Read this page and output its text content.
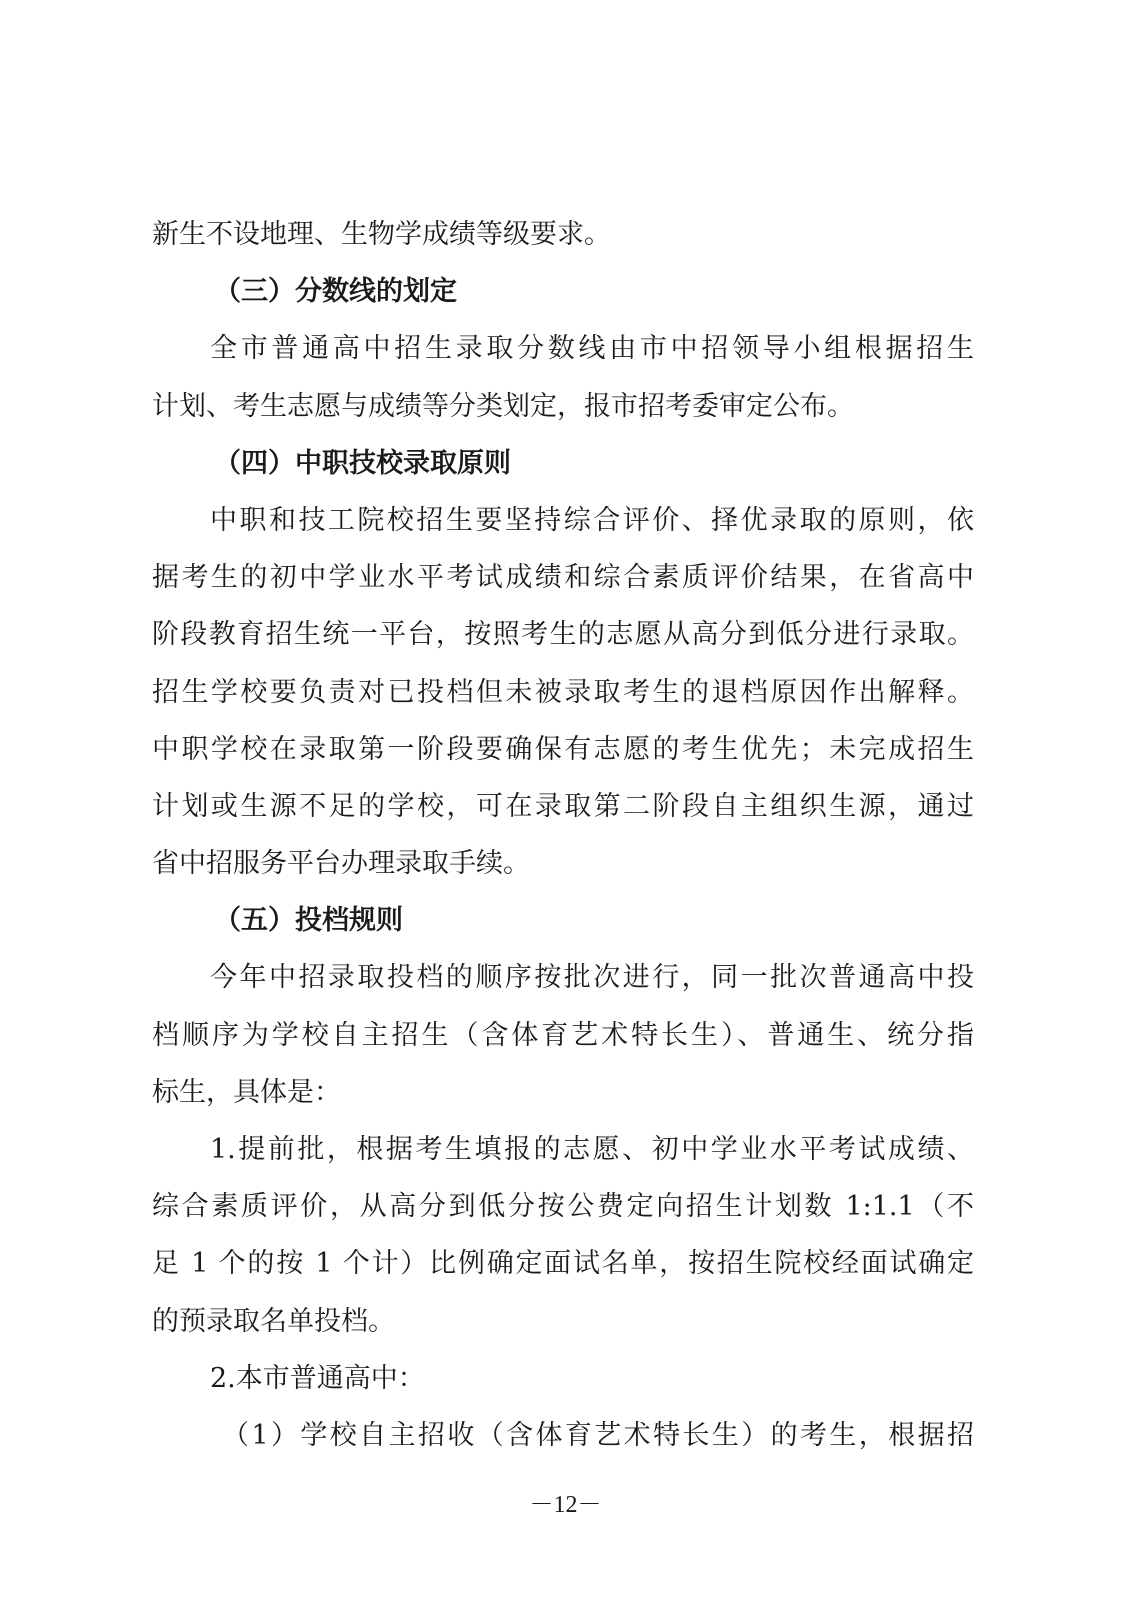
新生不设地理、生物学成绩等级要求。
（三）分数线的划定
全市普通高中招生录取分数线由市中招领导小组根据招生
计划、考生志愿与成绩等分类划定，报市招考委审定公布。
（四）中职技校录取原则
中职和技工院校招生要坚持综合评价、择优录取的原则，依
据考生的初中学业水平考试成绩和综合素质评价结果，在省高中
阶段教育招生统一平台，按照考生的志愿从高分到低分进行录取。
招生学校要负责对已投档但未被录取考生的退档原因作出解释。
中职学校在录取第一阶段要确保有志愿的考生优先；未完成招生
计划或生源不足的学校，可在录取第二阶段自主组织生源，通过
省中招服务平台办理录取手续。
（五）投档规则
今年中招录取投档的顺序按批次进行，同一批次普通高中投
档顺序为学校自主招生（含体育艺术特长生）、普通生、统分指
标生，具体是：
1.提前批，根据考生填报的志愿、初中学业水平考试成绩、
综合素质评价，从高分到低分按公费定向招生计划数 1:1.1（不
足 1 个的按 1 个计）比例确定面试名单，按招生院校经面试确定
的预录取名单投档。
2.本市普通高中：
（1）学校自主招收（含体育艺术特长生）的考生，根据招
－12－
